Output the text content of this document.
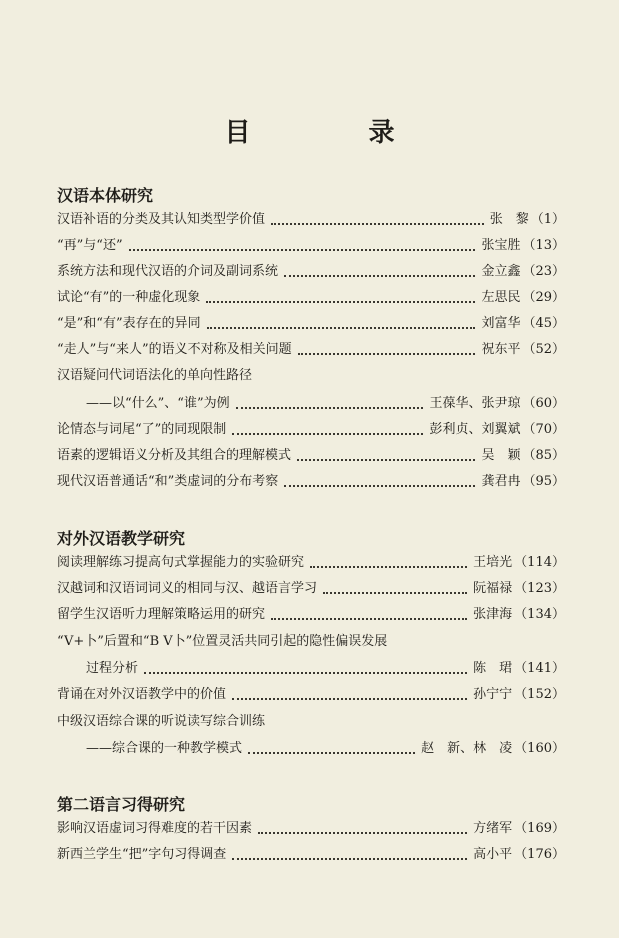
目　录
汉语本体研究
汉语补语的分类及其认知类型学价值	张　黎 （1）
“再”与“还”	张宝胜 （13）
系统方法和现代汉语的介词及副词系统	金立鑫 （23）
试论“有”的一种虚化现象	左思民 （29）
“是”和“有”表存在的异同	刘富华 （45）
“走人”与“来人”的语义不对称及相关问题	祝东平 （52）
汉语疑问代词语法化的单向性路径
——以“什么”、“谁”为例	王葆华、张尹琼 （60）
论情态与词尾“了”的同现限制	彭利贞、刘翼斌 （70）
语素的逻辑语义分析及其组合的理解模式	吴　颖 （85）
现代汉语普通话“和”类虚词的分布考察	龚君冉 （95）
对外汉语教学研究
阅读理解练习提高句式掌握能力的实验研究	王培光 （114）
汉越词和汉语词词义的相同与汉、越语言学习	阮福禄 （123）
留学生汉语听力理解策略运用的研究	张津海 （134）
“V+卜”后置和“B V卜”位置灵活共同引起的隐性偏误发展
过程分析	陈　珺 （141）
背诵在对外汉语教学中的价值	孙宁宁 （152）
中级汉语综合课的听说读写综合训练
——综合课的一种教学模式	赵　新、林　凌 （160）
第二语言习得研究
影响汉语虚词习得难度的若干因素	方绪军 （169）
新西兰学生“把”字句习得调查	高小平 （176）
